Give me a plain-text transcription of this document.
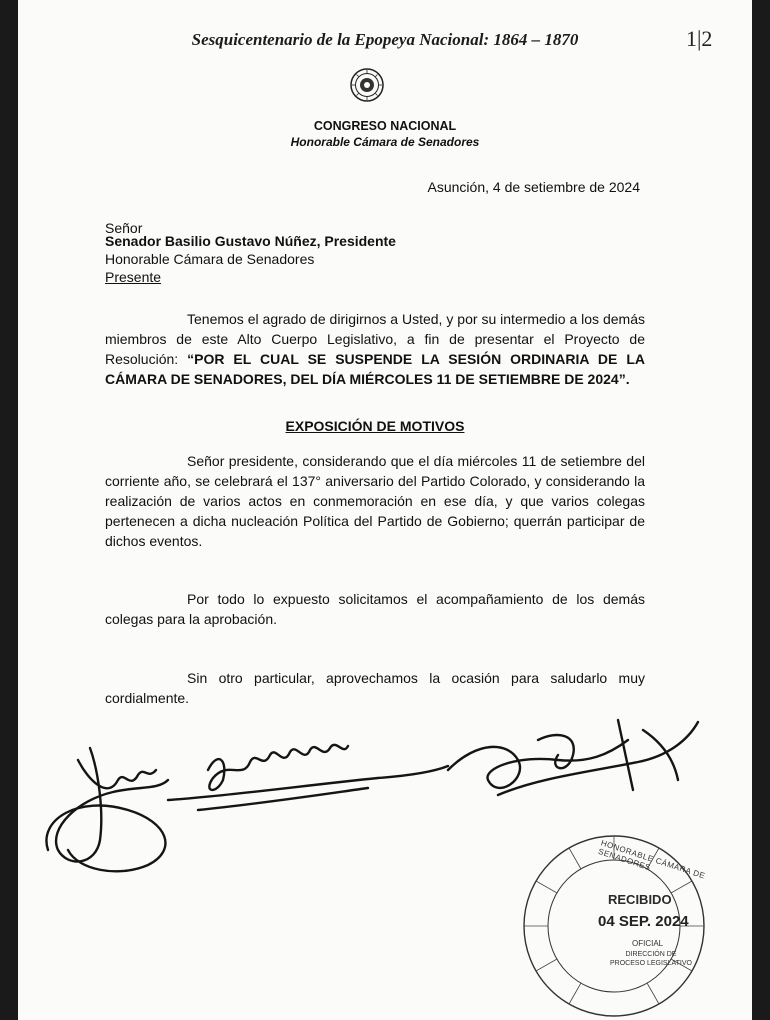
Sesquicentenario de la Epopeya Nacional: 1864 – 1870	1|2
CONGRESO NACIONAL
Honorable Cámara de Senadores
Asunción, 4 de setiembre de 2024
Señor
Senador Basilio Gustavo Núñez, Presidente
Honorable Cámara de Senadores
Presente

Tenemos el agrado de dirigirnos a Usted, y por su intermedio a los demás miembros de este Alto Cuerpo Legislativo, a fin de presentar el Proyecto de Resolución: “POR EL CUAL SE SUSPENDE LA SESIÓN ORDINARIA DE LA CÁMARA DE SENADORES, DEL DÍA MIÉRCOLES 11 DE SETIEMBRE DE 2024”.

EXPOSICIÓN DE MOTIVOS

Señor presidente, considerando que el día miércoles 11 de setiembre del corriente año, se celebrará el 137° aniversario del Partido Colorado, y considerando la realización de varios actos en conmemoración en ese día, y que varios colegas pertenecen a dicha nucleación Política del Partido de Gobierno; querrán participar de dichos eventos.

Por todo lo expuesto solicitamos el acompañamiento de los demás colegas para la aprobación.

Sin otro particular, aprovechamos la ocasión para saludarlo muy cordialmente.

HONORABLE CÁMARA DE SENADORES
RECIBIDO
04 SEP. 2024
OFICIAL
DIRECCIÓN DE PROCESO LEGISLATIVO
